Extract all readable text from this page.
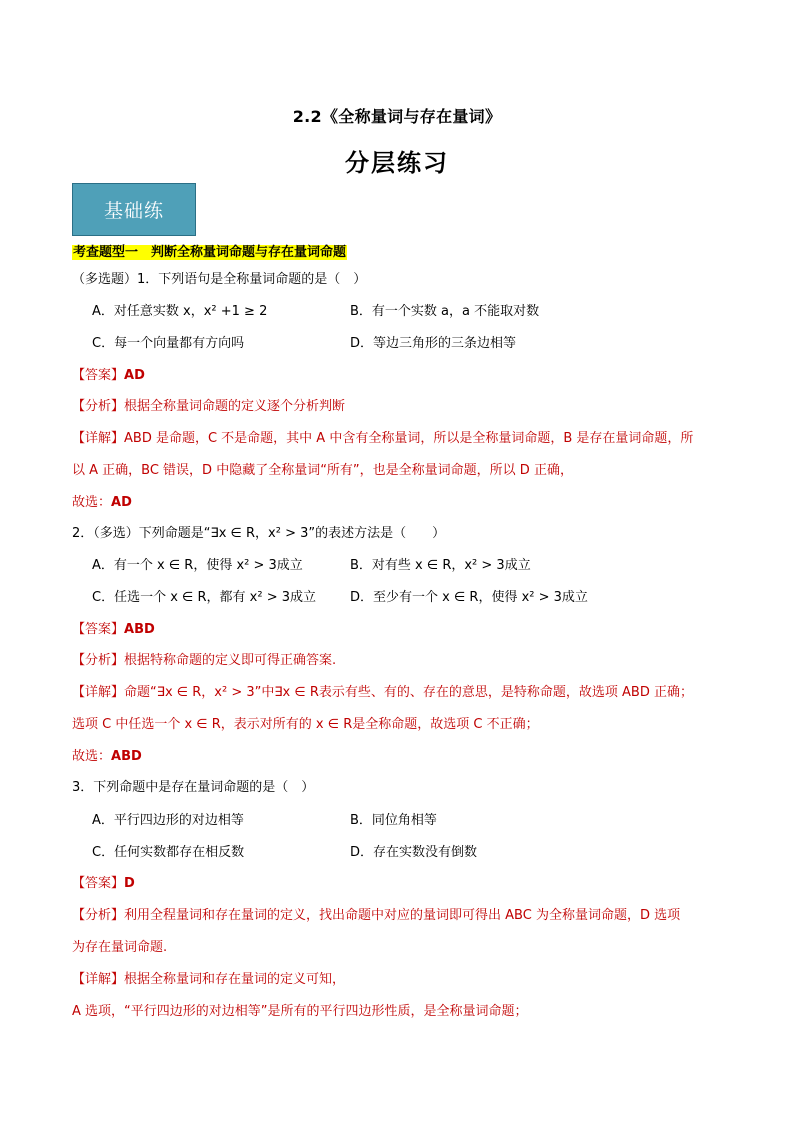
2.2《全称量词与存在量词》
分层练习
基础练
考查题型一　判断全称量词命题与存在量词命题
（多选题）1．下列语句是全称量词命题的是（　）
A．对任意实数 x，x² +1 ≥ 2	B．有一个实数 a，a 不能取对数
C．每一个向量都有方向吗	D．等边三角形的三条边相等
【答案】AD
【分析】根据全称量词命题的定义逐个分析判断
【详解】ABD 是命题，C 不是命题，其中 A 中含有全称量词，所以是全称量词命题，B 是存在量词命题，所
以 A 正确，BC 错误，D 中隐藏了全称量词“所有”，也是全称量词命题，所以 D 正确，
故选：AD
2．（多选）下列命题是“∃x ∈ R，x² > 3”的表述方法是（　　）
A．有一个 x ∈ R，使得 x² > 3成立	B．对有些 x ∈ R，x² > 3成立
C．任选一个 x ∈ R，都有 x² > 3成立	D．至少有一个 x ∈ R，使得 x² > 3成立
【答案】ABD
【分析】根据特称命题的定义即可得正确答案.
【详解】命题“∃x ∈ R，x² > 3”中∃x ∈ R表示有些、有的、存在的意思，是特称命题，故选项 ABD 正确；
选项 C 中任选一个 x ∈ R，表示对所有的 x ∈ R是全称命题，故选项 C 不正确；
故选：ABD
3．下列命题中是存在量词命题的是（　）
A．平行四边形的对边相等	B．同位角相等
C．任何实数都存在相反数	D．存在实数没有倒数
【答案】D
【分析】利用全程量词和存在量词的定义，找出命题中对应的量词即可得出 ABC 为全称量词命题，D 选项
为存在量词命题.
【详解】根据全称量词和存在量词的定义可知，
A 选项，“平行四边形的对边相等”是所有的平行四边形性质，是全称量词命题；
